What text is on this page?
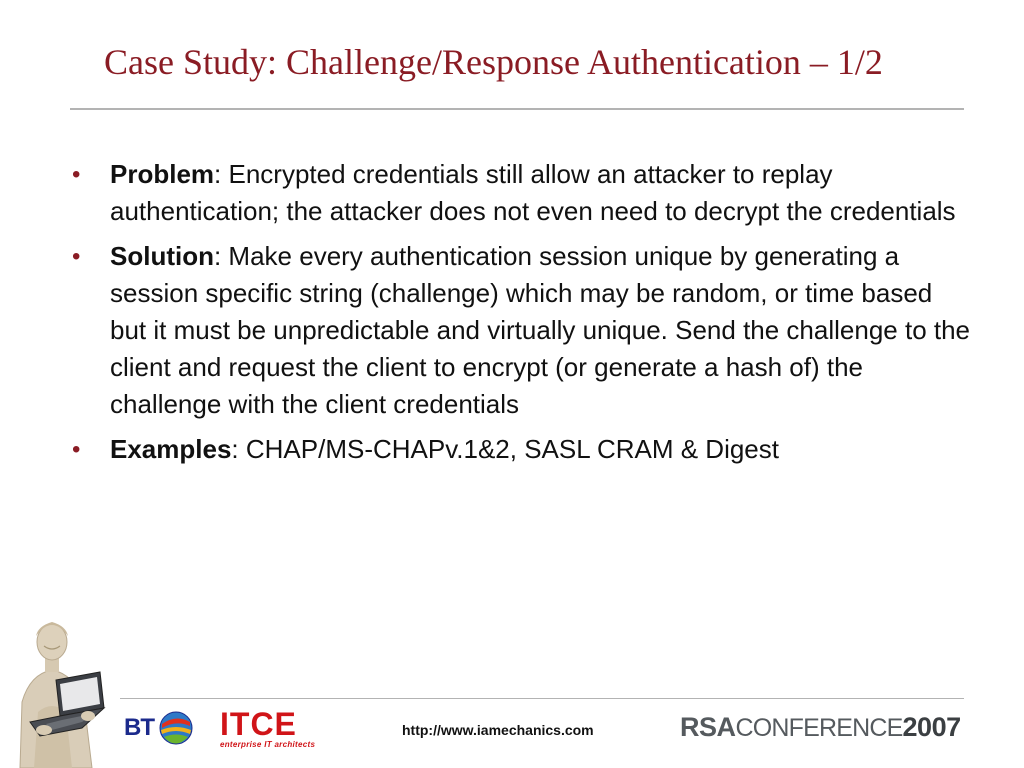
Case Study: Challenge/Response Authentication – 1/2
• Problem: Encrypted credentials still allow an attacker to replay authentication; the attacker does not even need to decrypt the credentials
• Solution: Make every authentication session unique by generating a session specific string (challenge) which may be random, or time based but it must be unpredictable and virtually unique. Send the challenge to the client and request the client to encrypt (or generate a hash of) the challenge with the client credentials
• Examples: CHAP/MS-CHAPv.1&2, SASL CRAM & Digest
BT ITCE
enterprise IT architects
http://www.iamechanics.com	RSA CONFERENCE 2007
